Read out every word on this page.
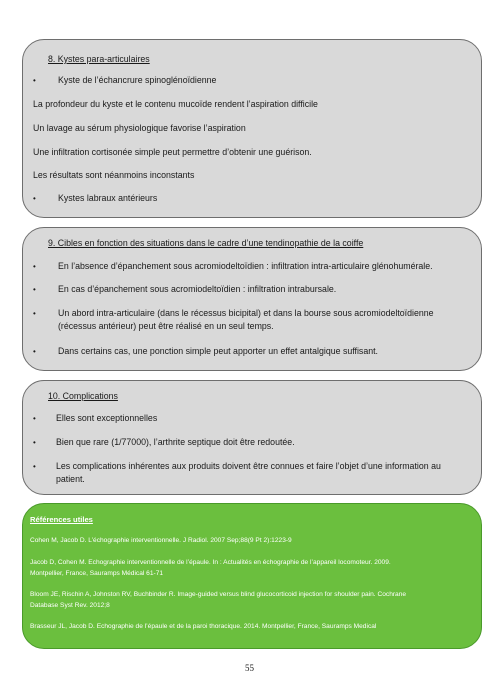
8. Kystes para-articulaires
•	Kyste de l’échancrure spinoglénoïdienne
La profondeur du kyste et le contenu mucoïde rendent l’aspiration difficile
Un lavage au sérum physiologique favorise l’aspiration
Une infiltration cortisonée simple peut permettre d’obtenir une guérison.
Les résultats sont néanmoins inconstants
•	Kystes labraux antérieurs
9. Cibles en fonction des situations dans le cadre d’une tendinopathie de la coiffe
•	En l’absence d’épanchement sous acromiodeltoïdien : infiltration intra-articulaire glénohumérale.
•	En cas d’épanchement sous acromiodeltoïdien : infiltration intrabursale.
•	Un abord intra-articulaire (dans le récessus bicipital) et dans la bourse sous acromiodeltoïdienne
(récessus antérieur) peut être réalisé en un seul temps.
•	Dans certains cas, une ponction simple peut apporter un effet antalgique suffisant.
10. Complications
• Elles sont exceptionnelles
• Bien que rare (1/77000), l’arthrite septique doit être redoutée.
• Les complications inhérentes aux produits doivent être connues et faire l’objet d’une information au
patient.
Références utiles
Cohen M, Jacob D. L’échographie interventionnelle. J Radiol. 2007 Sep;88(9 Pt 2):1223-9
Jacob D, Cohen M. Echographie interventionnelle de l’épaule. In : Actualités en échographie de l’appareil locomoteur. 2009.
Montpellier, France, Sauramps Médical 61-71
Bloom JE, Rischin A, Johnston RV, Buchbinder R. Image-guided versus blind glucocorticoid injection for shoulder pain. Cochrane
Database Syst Rev. 2012;8
Brasseur JL, Jacob D. Echographie de l’épaule et de la paroi thoracique. 2014. Montpellier, France, Sauramps Medical
55
